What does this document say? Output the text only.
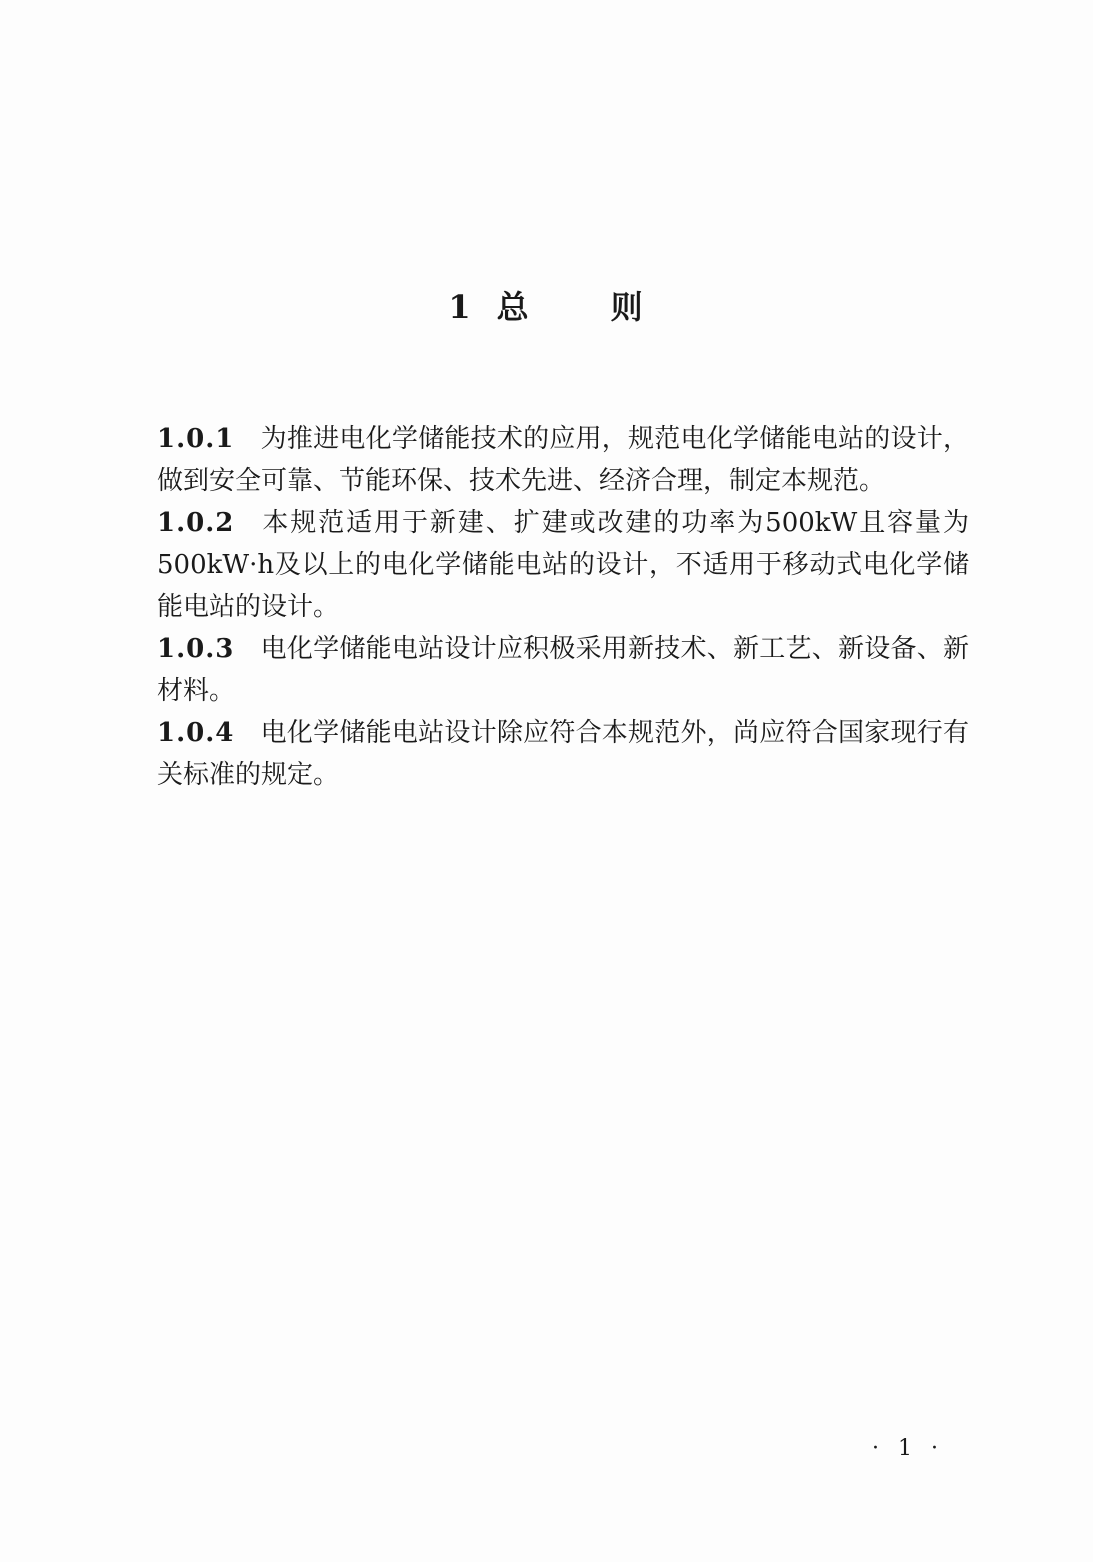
1 总	则

1.0.1 为推进电化学储能技术的应用，规范电化学储能电站的设计，做到安全可靠、节能环保、技术先进、经济合理，制定本规范。

1.0.2 本规范适用于新建、扩建或改建的功率为500kW且容量为500kW·h及以上的电化学储能电站的设计，不适用于移动式电化学储能电站的设计。

1.0.3 电化学储能电站设计应积极采用新技术、新工艺、新设备、新材料。

1.0.4 电化学储能电站设计除应符合本规范外，尚应符合国家现行有关标准的规定。

· 1 ·
